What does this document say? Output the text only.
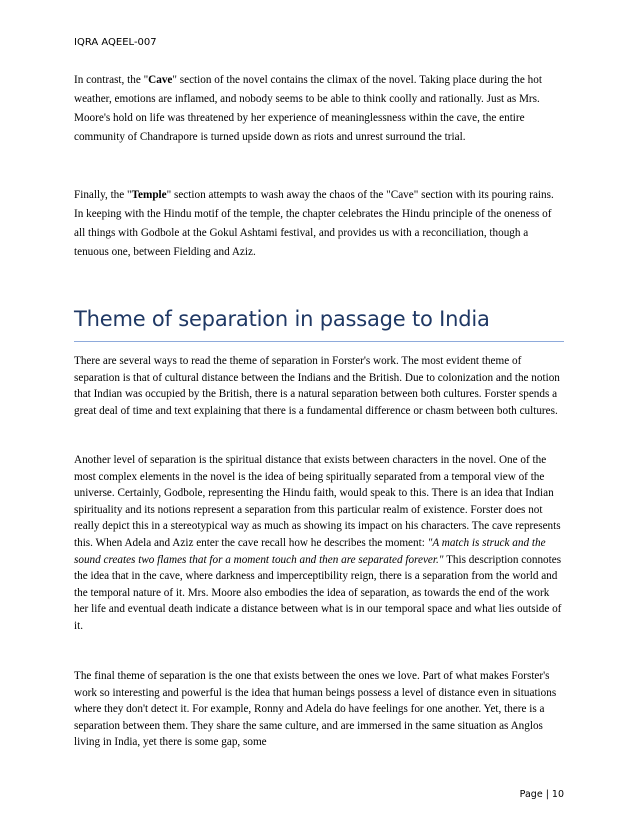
IQRA AQEEL-007

In contrast, the "Cave" section of the novel contains the climax of the novel. Taking place during the hot weather, emotions are inflamed, and nobody seems to be able to think coolly and rationally. Just as Mrs. Moore's hold on life was threatened by her experience of meaninglessness within the cave, the entire community of Chandrapore is turned upside down as riots and unrest surround the trial.

Finally, the "Temple" section attempts to wash away the chaos of the "Cave" section with its pouring rains. In keeping with the Hindu motif of the temple, the chapter celebrates the Hindu principle of the oneness of all things with Godbole at the Gokul Ashtami festival, and provides us with a reconciliation, though a tenuous one, between Fielding and Aziz.

Theme of separation in passage to India

There are several ways to read the theme of separation in Forster's work. The most evident theme of separation is that of cultural distance between the Indians and the British. Due to colonization and the notion that Indian was occupied by the British, there is a natural separation between both cultures. Forster spends a great deal of time and text explaining that there is a fundamental difference or chasm between both cultures.

Another level of separation is the spiritual distance that exists between characters in the novel. One of the most complex elements in the novel is the idea of being spiritually separated from a temporal view of the universe. Certainly, Godbole, representing the Hindu faith, would speak to this. There is an idea that Indian spirituality and its notions represent a separation from this particular realm of existence. Forster does not really depict this in a stereotypical way as much as showing its impact on his characters. The cave represents this. When Adela and Aziz enter the cave recall how he describes the moment: "A match is struck and the sound creates two flames that for a moment touch and then are separated forever." This description connotes the idea that in the cave, where darkness and imperceptibility reign, there is a separation from the world and the temporal nature of it. Mrs. Moore also embodies the idea of separation, as towards the end of the work her life and eventual death indicate a distance between what is in our temporal space and what lies outside of it.

The final theme of separation is the one that exists between the ones we love. Part of what makes Forster's work so interesting and powerful is the idea that human beings possess a level of distance even in situations where they don't detect it. For example, Ronny and Adela do have feelings for one another. Yet, there is a separation between them. They share the same culture, and are immersed in the same situation as Anglos living in India, yet there is some gap, some

Page | 10
